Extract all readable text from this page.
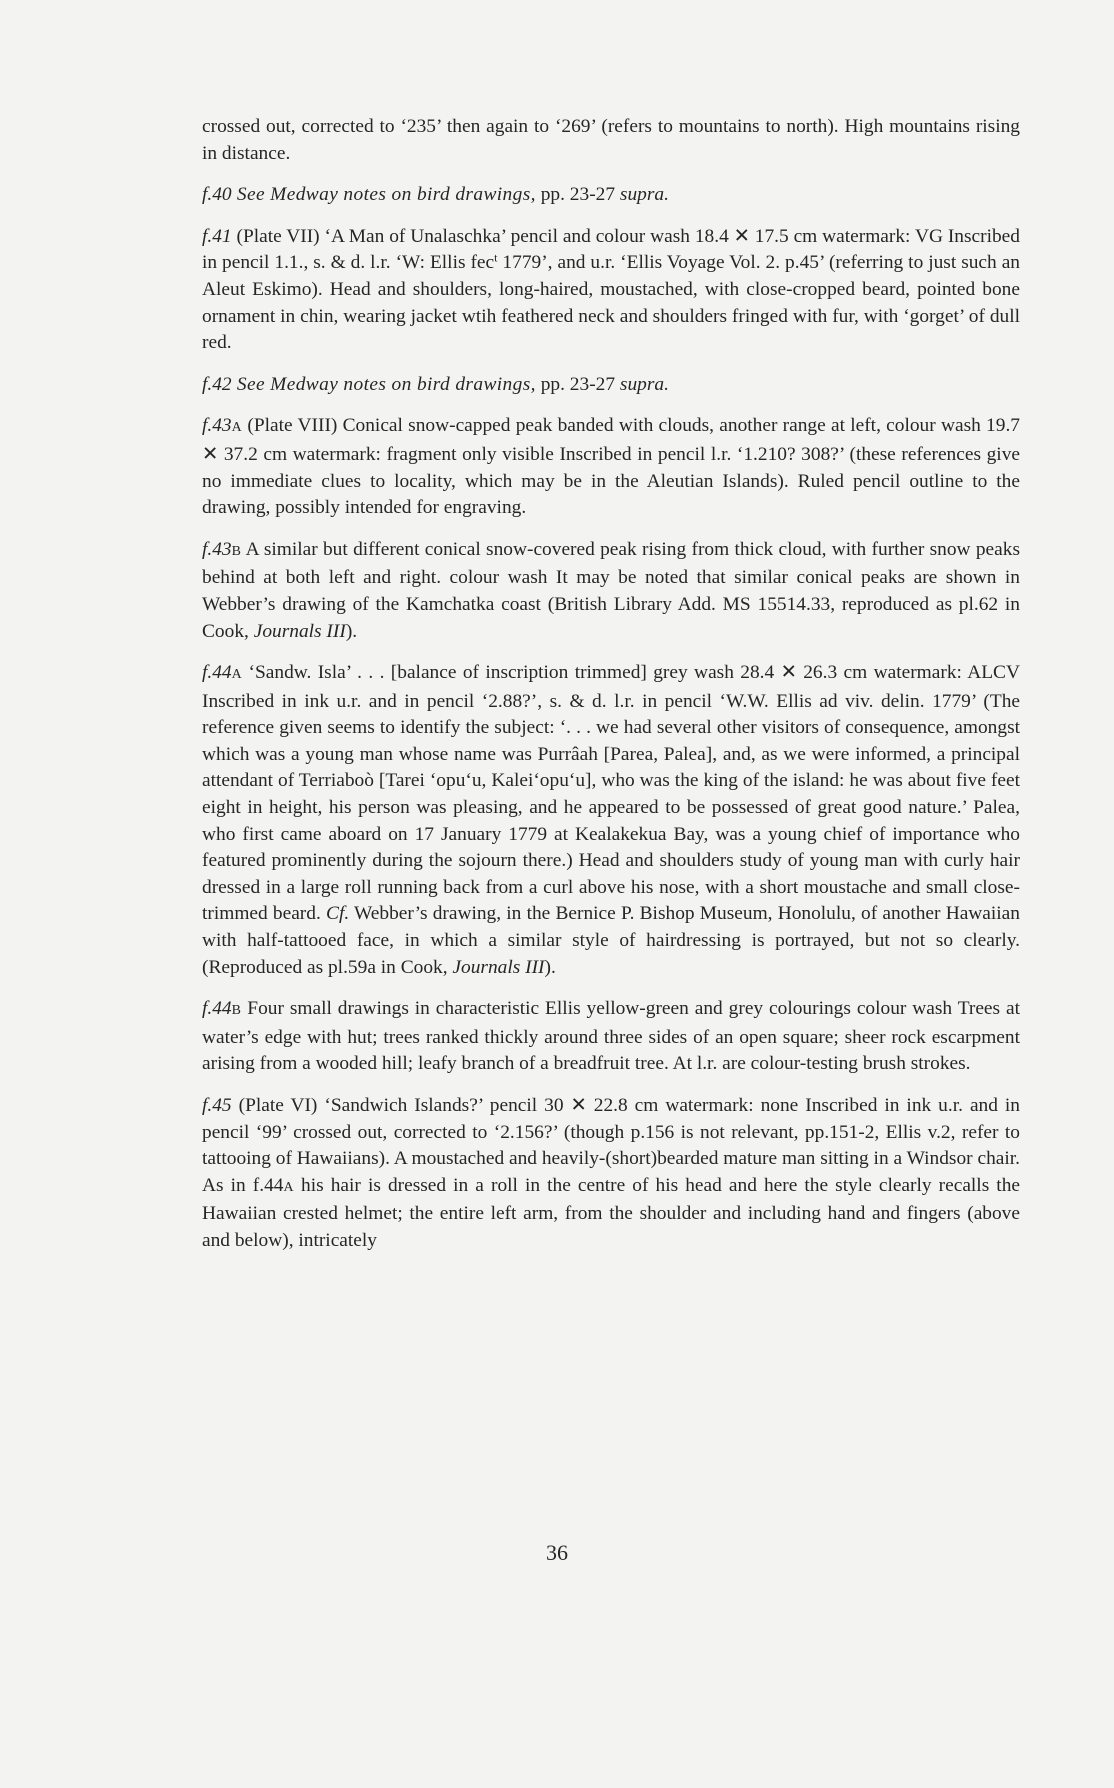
crossed out, corrected to ‘235’ then again to ‘269’ (refers to mountains to north). High mountains rising in distance.

f.40 See Medway notes on bird drawings, pp. 23-27 supra.

f.41 (Plate VII) ‘A Man of Unalaschka’ pencil and colour wash 18.4 ✕ 17.5 cm watermark: VG Inscribed in pencil 1.1., s. & d. l.r. ‘W: Ellis fec$^t$ 1779’, and u.r. ‘Ellis Voyage Vol. 2. p.45’ (referring to just such an Aleut Eskimo). Head and shoulders, long-haired, moustached, with close-cropped beard, pointed bone ornament in chin, wearing jacket wtih feathered neck and shoulders fringed with fur, with ‘gorget’ of dull red.

f.42 See Medway notes on bird drawings, pp. 23-27 supra.

f.43A (Plate VIII) Conical snow-capped peak banded with clouds, another range at left, colour wash 19.7 ✕ 37.2 cm watermark: fragment only visible Inscribed in pencil l.r. ‘1.210? 308?’ (these references give no immediate clues to locality, which may be in the Aleutian Islands). Ruled pencil outline to the drawing, possibly intended for engraving.

f.43B A similar but different conical snow-covered peak rising from thick cloud, with further snow peaks behind at both left and right. colour wash It may be noted that similar conical peaks are shown in Webber’s drawing of the Kamchatka coast (British Library Add. MS 15514.33, reproduced as pl.62 in Cook, Journals III).

f.44A ‘Sandw. Isla’ . . . [balance of inscription trimmed] grey wash 28.4 ✕ 26.3 cm watermark: ALCV Inscribed in ink u.r. and in pencil ‘2.88?’, s. & d. l.r. in pencil ‘W.W. Ellis ad viv. delin. 1779’ (The reference given seems to identify the subject: ‘. . . we had several other visitors of consequence, amongst which was a young man whose name was Purrâah [Parea, Palea], and, as we were informed, a principal attendant of Terriaboò [Tarei ‘opu‘u, Kalei‘opu‘u], who was the king of the island: he was about five feet eight in height, his person was pleasing, and he appeared to be possessed of great good nature.’ Palea, who first came aboard on 17 January 1779 at Kealakekua Bay, was a young chief of importance who featured prominently during the sojourn there.) Head and shoulders study of young man with curly hair dressed in a large roll running back from a curl above his nose, with a short moustache and small close-trimmed beard. Cf. Webber’s drawing, in the Bernice P. Bishop Museum, Honolulu, of another Hawaiian with half-tattooed face, in which a similar style of hairdressing is portrayed, but not so clearly. (Reproduced as pl.59a in Cook, Journals III).

f.44B Four small drawings in characteristic Ellis yellow-green and grey colourings colour wash Trees at water’s edge with hut; trees ranked thickly around three sides of an open square; sheer rock escarpment arising from a wooded hill; leafy branch of a breadfruit tree. At l.r. are colour-testing brush strokes.

f.45 (Plate VI) ‘Sandwich Islands?’ pencil 30 ✕ 22.8 cm watermark: none Inscribed in ink u.r. and in pencil ‘99’ crossed out, corrected to ‘2.156?’ (though p.156 is not relevant, pp.151-2, Ellis v.2, refer to tattooing of Hawaiians). A moustached and heavily-(short)bearded mature man sitting in a Windsor chair. As in f.44A his hair is dressed in a roll in the centre of his head and here the style clearly recalls the Hawaiian crested helmet; the entire left arm, from the shoulder and including hand and fingers (above and below), intricately

36
